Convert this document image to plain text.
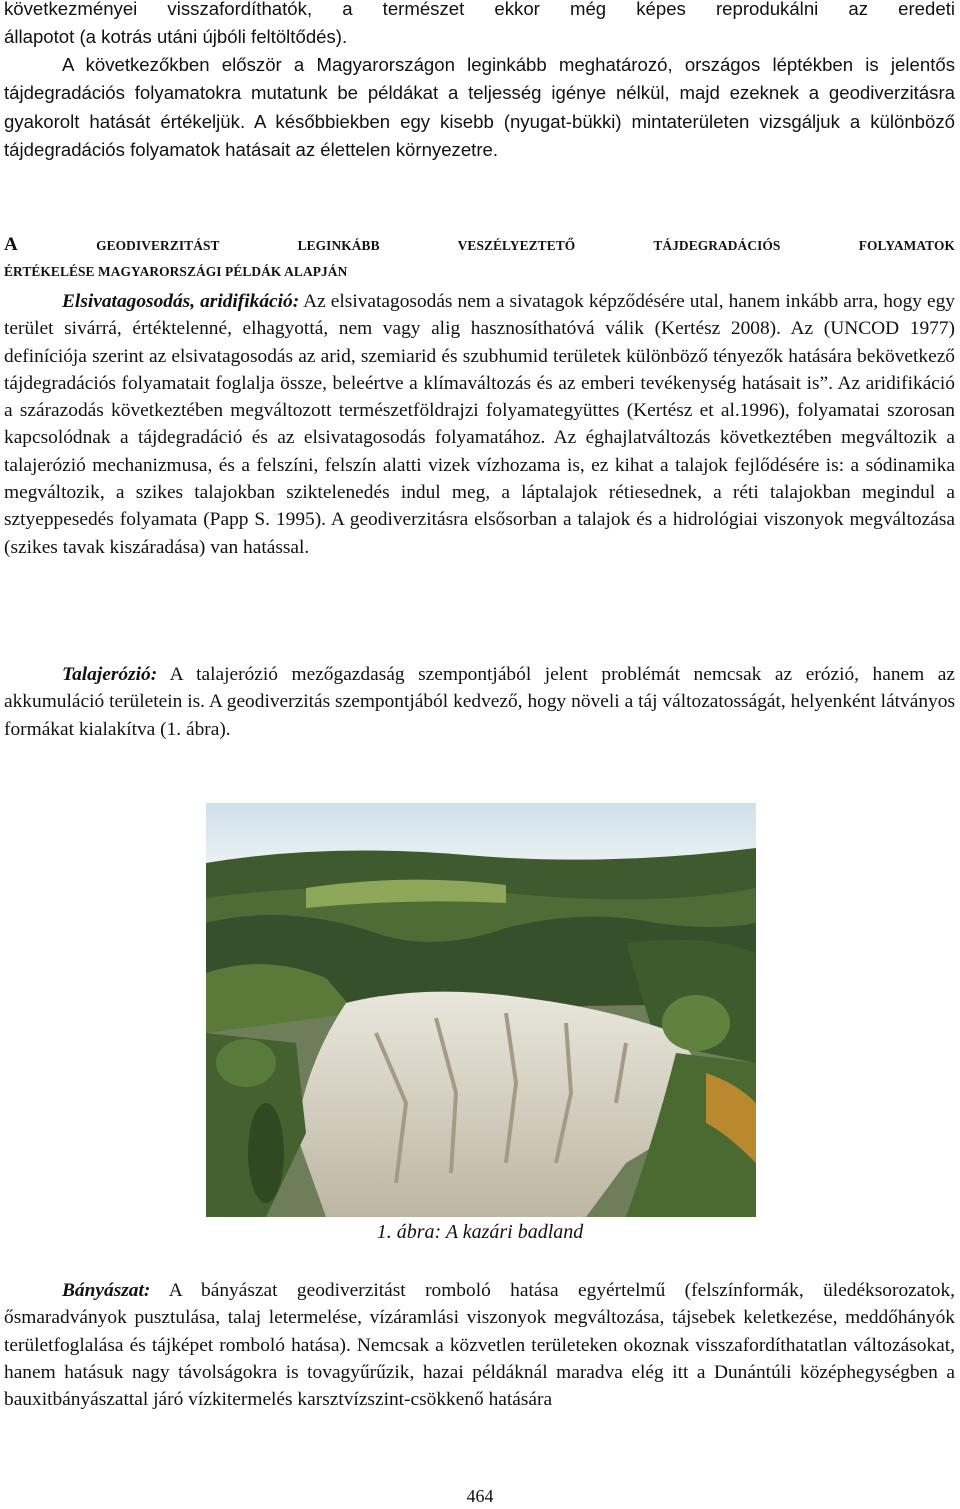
következményei visszafordíthatók, a természet ekkor még képes reprodukálni az eredeti
állapotot (a kotrás utáni újbóli feltöltődés).

A következőkben először a Magyarországon leginkább meghatározó, országos léptékben is jelentős tájdegradációs folyamatokra mutatunk be példákat a teljesség igénye nélkül, majd ezeknek a geodiverzitásra gyakorolt hatását értékeljük. A későbbiekben egy kisebb (nyugat-bükki) mintaterületen vizsgáljuk a különböző tájdegradációs folyamatok hatásait az élettelen környezetre.

A GEODIVERZITÁST LEGINKÁBB VESZÉLYEZTETŐ TÁJDEGRADÁCIÓS FOLYAMATOK
ÉRTÉKELÉSE MAGYARORSZÁGI PÉLDÁK ALAPJÁN

Elsivatagosodás, aridifikáció: Az elsivatagosodás nem a sivatagok képződésére utal, hanem inkább arra, hogy egy terület sivárrá, értéktelenné, elhagyottá, nem vagy alig hasznosíthatóvá válik (Kertész 2008). Az (UNCOD 1977) definíciója szerint az elsivatagosodás az arid, szemiarid és szubhumid területek különböző tényezők hatására bekövetkező tájdegradációs folyamatait foglalja össze, beleértve a klímaváltozás és az emberi tevékenység hatásait is”. Az aridifikáció a szárazodás következtében megváltozott természetföldrajzi folyamategyüttes (Kertész et al.1996), folyamatai szorosan kapcsolódnak a tájdegradáció és az elsivatagosodás folyamatához. Az éghajlatváltozás következtében megváltozik a talajerózió mechanizmusa, és a felszíni, felszín alatti vizek vízhozama is, ez kihat a talajok fejlődésére is: a sódinamika megváltozik, a szikes talajokban sziktelenedés indul meg, a láptalajok rétiesednek, a réti talajokban megindul a sztyeppesedés folyamata (Papp S. 1995). A geodiverzitásra elsősorban a talajok és a hidrológiai viszonyok megváltozása (szikes tavak kiszáradása) van hatással.

Talajerózió: A talajerózió mezőgazdaság szempontjából jelent problémát nemcsak az erózió, hanem az akkumuláció területein is. A geodiverzitás szempontjából kedvező, hogy növeli a táj változatosságát, helyenként látványos formákat kialakítva (1. ábra).

1. ábra: A kazári badland

Bányászat: A bányászat geodiverzitást romboló hatása egyértelmű (felszínformák, üledéksorozatok, ősmaradványok pusztulása, talaj letermelése, vízáramlási viszonyok megváltozása, tájsebek keletkezése, meddőhányók területfoglalása és tájképet romboló hatása). Nemcsak a közvetlen területeken okoznak visszafordíthatatlan változásokat, hanem hatásuk nagy távolságokra is tovagyűrűzik, hazai példáknál maradva elég itt a Dunántúli középhegységben a bauxitbányászattal járó vízkitermelés karsztvízszint-csökkenő hatására

464
